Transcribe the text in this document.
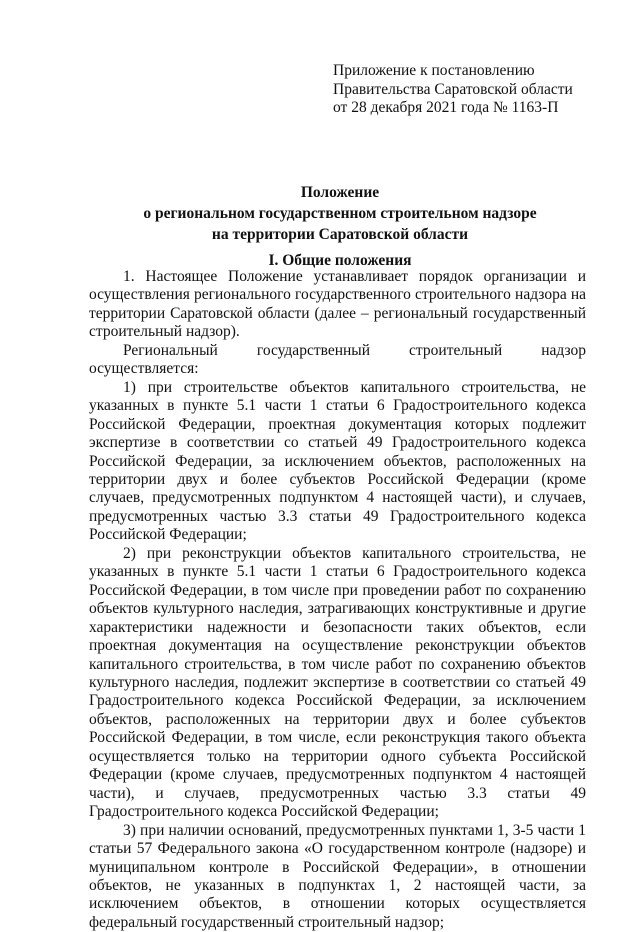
Приложение к постановлению
Правительства Саратовской области
от 28 декабря 2021 года № 1163-П
Положение
о региональном государственном строительном надзоре
на территории Саратовской области
I. Общие положения

1. Настоящее Положение устанавливает порядок организации и осуществления регионального государственного строительного надзора на территории Саратовской области (далее – региональный государственный строительный надзор).

Региональный государственный строительный надзор осуществляется:

1) при строительстве объектов капитального строительства, не указанных в пункте 5.1 части 1 статьи 6 Градостроительного кодекса Российской Федерации, проектная документация которых подлежит экспертизе в соответствии со статьей 49 Градостроительного кодекса Российской Федерации, за исключением объектов, расположенных на территории двух и более субъектов Российской Федерации (кроме случаев, предусмотренных подпунктом 4 настоящей части), и случаев, предусмотренных частью 3.3 статьи 49 Градостроительного кодекса Российской Федерации;

2) при реконструкции объектов капитального строительства, не указанных в пункте 5.1 части 1 статьи 6 Градостроительного кодекса Российской Федерации, в том числе при проведении работ по сохранению объектов культурного наследия, затрагивающих конструктивные и другие характеристики надежности и безопасности таких объектов, если проектная документация на осуществление реконструкции объектов капитального строительства, в том числе работ по сохранению объектов культурного наследия, подлежит экспертизе в соответствии со статьей 49 Градостроительного кодекса Российской Федерации, за исключением объектов, расположенных на территории двух и более субъектов Российской Федерации, в том числе, если реконструкция такого объекта осуществляется только на территории одного субъекта Российской Федерации (кроме случаев, предусмотренных подпунктом 4 настоящей части), и случаев, предусмотренных частью 3.3 статьи 49 Градостроительного кодекса Российской Федерации;

3) при наличии оснований, предусмотренных пунктами 1, 3-5 части 1 статьи 57 Федерального закона «О государственном контроле (надзоре) и муниципальном контроле в Российской Федерации», в отношении объектов, не указанных в подпунктах 1, 2 настоящей части, за исключением объектов, в отношении которых осуществляется федеральный государственный строительный надзор;
